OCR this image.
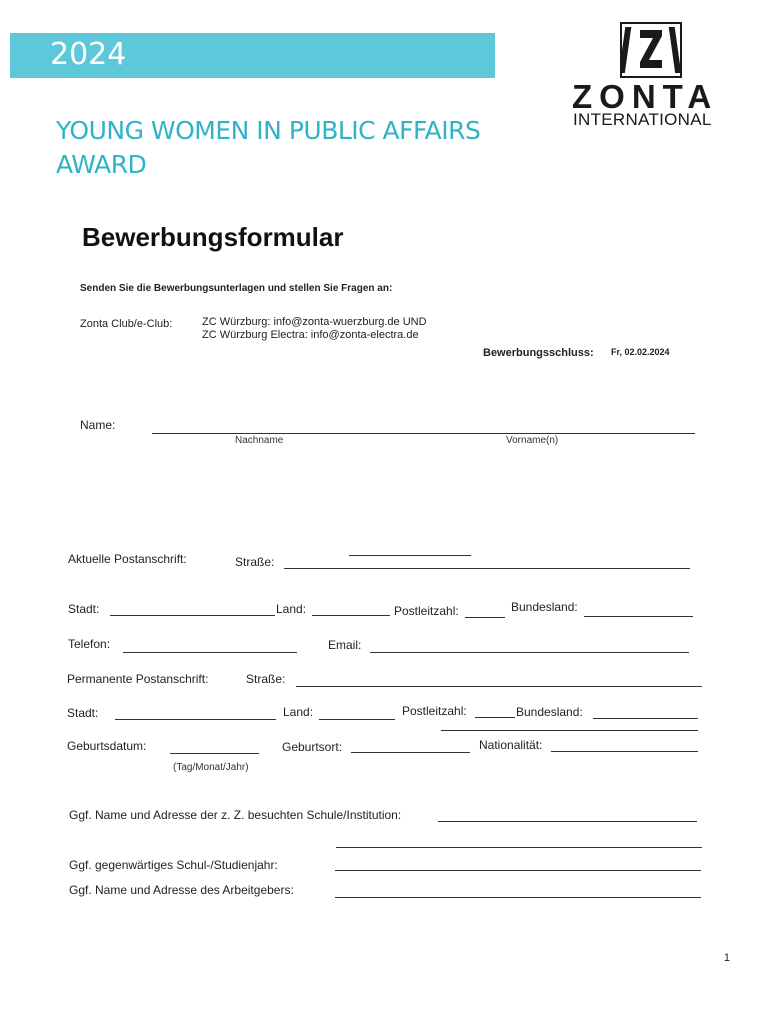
2024
YOUNG WOMEN IN PUBLIC AFFAIRS AWARD
ZONTA
INTERNATIONAL
Bewerbungsformular
Senden Sie die Bewerbungsunterlagen und stellen Sie Fragen an:
Zonta Club/e-Club:	ZC Würzburg: info@zonta-wuerzburg.de UND
ZC Würzburg Electra: info@zonta-electra.de
Bewerbungsschluss: Fr, 02.02.2024
Name:
Nachname	Vorname(n)
Aktuelle Postanschrift:	Straße:
Stadt:	Land:	Postleitzahl:	Bundesland:
Telefon:	Email:
Permanente Postanschrift:	Straße:
Stadt:	Land:	Postleitzahl:	Bundesland:
Geburtsdatum:	Geburtsort:	Nationalität:
(Tag/Monat/Jahr)
Ggf. Name und Adresse der z. Z. besuchten Schule/Institution:
Ggf. gegenwärtiges Schul-/Studienjahr:
Ggf. Name und Adresse des Arbeitgebers:
1
